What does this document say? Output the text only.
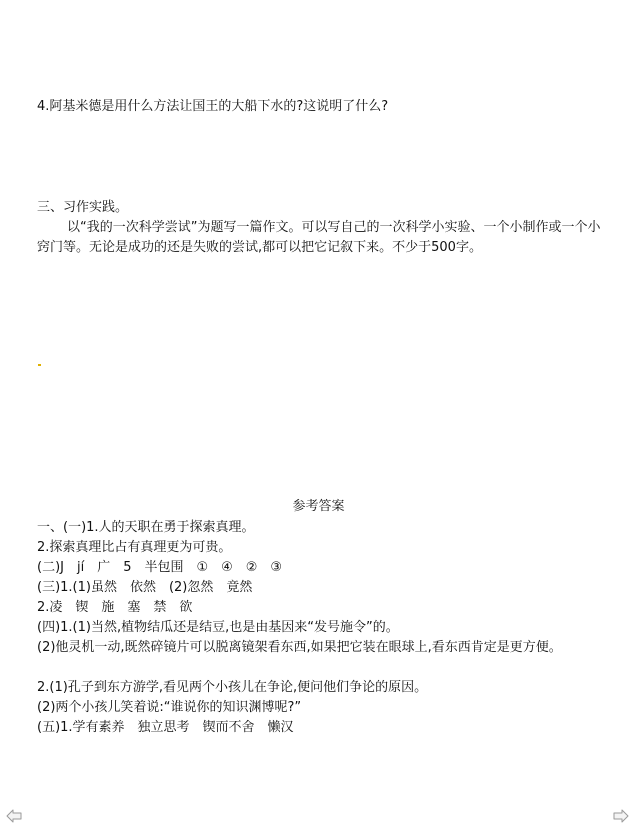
4.阿基米德是用什么方法让国王的大船下水的?这说明了什么?
三、习作实践。
以“我的一次科学尝试”为题写一篇作文。可以写自己的一次科学小实验、一个小制作或一个小窍门等。无论是成功的还是失败的尝试,都可以把它记叙下来。不少于500字。
参考答案
一、(一)1.人的天职在勇于探索真理。
2.探索真理比占有真理更为可贵。
(二)J　jí　广　5　半包围　①　④　②　③
(三)1.(1)虽然　依然　(2)忽然　竟然
2.凌　锲　施　塞　禁　欲
(四)1.(1)当然,植物结瓜还是结豆,也是由基因来“发号施令”的。
(2)他灵机一动,既然碎镜片可以脱离镜架看东西,如果把它装在眼球上,看东西肯定是更方便。
2.(1)孔子到东方游学,看见两个小孩儿在争论,便问他们争论的原因。
(2)两个小孩儿笑着说:“谁说你的知识渊博呢?”
(五)1.学有素养　独立思考　锲而不舍　懒汉
